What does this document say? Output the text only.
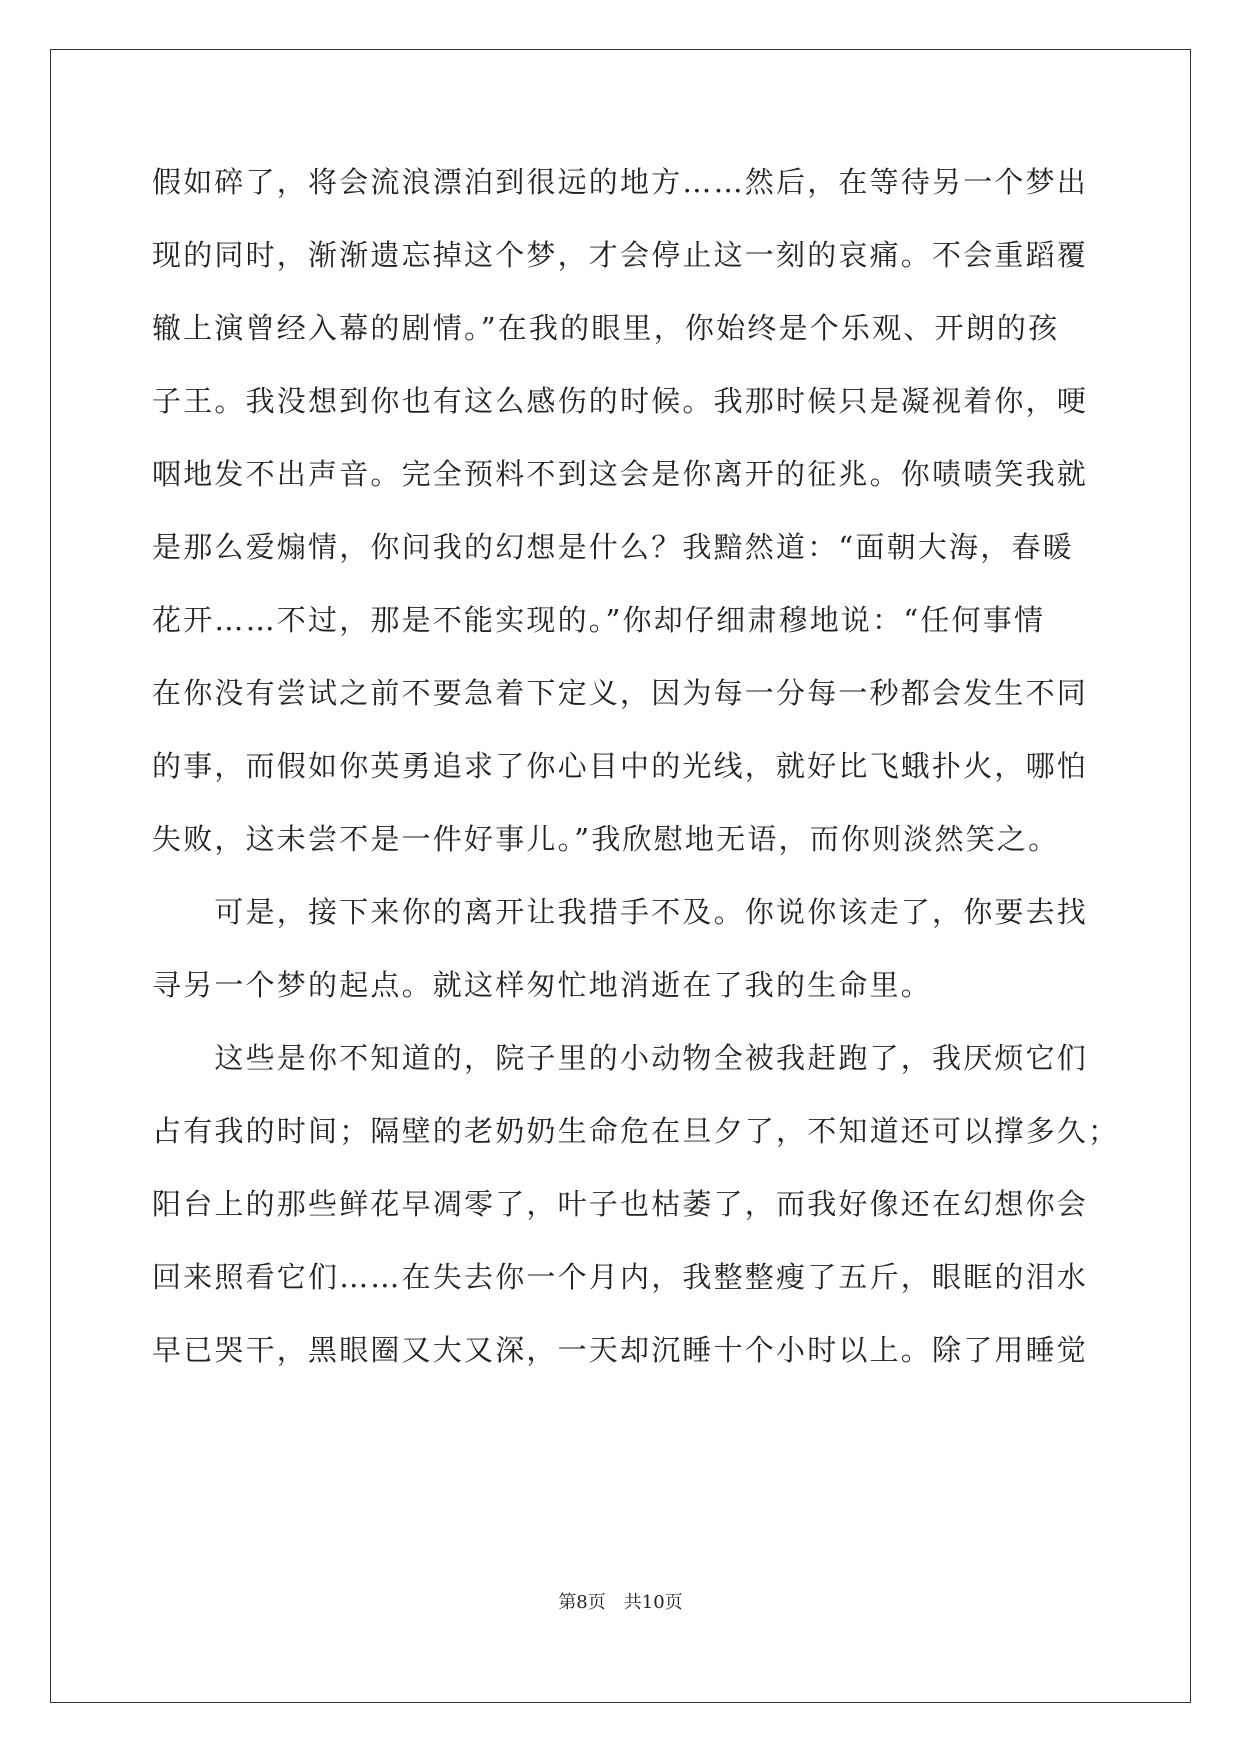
假如碎了，将会流浪漂泊到很远的地方……然后，在等待另一个梦出
现的同时，渐渐遗忘掉这个梦，才会停止这一刻的哀痛。不会重蹈覆
辙上演曾经入幕的剧情。”在我的眼里，你始终是个乐观、开朗的孩
子王。我没想到你也有这么感伤的时候。我那时候只是凝视着你，哽
咽地发不出声音。完全预料不到这会是你离开的征兆。你啧啧笑我就
是那么爱煽情，你问我的幻想是什么？我黯然道：“面朝大海，春暖
花开……不过，那是不能实现的。”你却仔细肃穆地说：“任何事情
在你没有尝试之前不要急着下定义，因为每一分每一秒都会发生不同
的事，而假如你英勇追求了你心目中的光线，就好比飞蛾扑火，哪怕
失败，这未尝不是一件好事儿。”我欣慰地无语，而你则淡然笑之。
　　可是，接下来你的离开让我措手不及。你说你该走了，你要去找
寻另一个梦的起点。就这样匆忙地消逝在了我的生命里。
　　这些是你不知道的，院子里的小动物全被我赶跑了，我厌烦它们
占有我的时间；隔壁的老奶奶生命危在旦夕了，不知道还可以撑多久；
阳台上的那些鲜花早凋零了，叶子也枯萎了，而我好像还在幻想你会
回来照看它们……在失去你一个月内，我整整瘦了五斤，眼眶的泪水
早已哭干，黑眼圈又大又深，一天却沉睡十个小时以上。除了用睡觉
第8页 共10页
